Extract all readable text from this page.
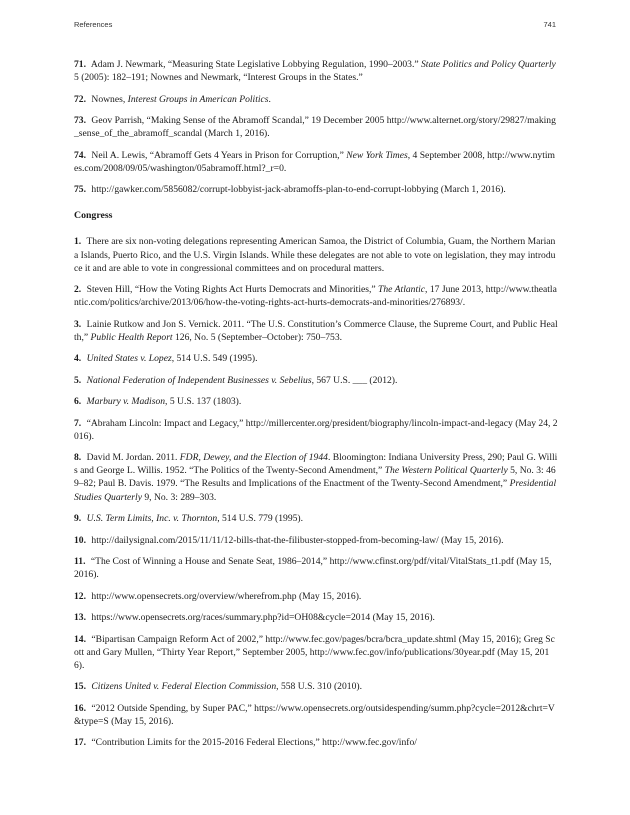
References	741

71. Adam J. Newmark, “Measuring State Legislative Lobbying Regulation, 1990–2003.” State Politics and Policy Quarterly 5 (2005): 182–191; Nownes and Newmark, “Interest Groups in the States.”

72. Nownes, Interest Groups in American Politics.

73. Geov Parrish, “Making Sense of the Abramoff Scandal,” 19 December 2005 http://www.alternet.org/story/29827/making_sense_of_the_abramoff_scandal (March 1, 2016).

74. Neil A. Lewis, “Abramoff Gets 4 Years in Prison for Corruption,” New York Times, 4 September 2008, http://www.nytimes.com/2008/09/05/washington/05abramoff.html?_r=0.

75. http://gawker.com/5856082/corrupt-lobbyist-jack-abramoffs-plan-to-end-corrupt-lobbying (March 1, 2016).

Congress

1. There are six non-voting delegations representing American Samoa, the District of Columbia, Guam, the Northern Mariana Islands, Puerto Rico, and the U.S. Virgin Islands. While these delegates are not able to vote on legislation, they may introduce it and are able to vote in congressional committees and on procedural matters.

2. Steven Hill, “How the Voting Rights Act Hurts Democrats and Minorities,” The Atlantic, 17 June 2013, http://www.theatlantic.com/politics/archive/2013/06/how-the-voting-rights-act-hurts-democrats-and-minorities/276893/.

3. Lainie Rutkow and Jon S. Vernick. 2011. “The U.S. Constitution’s Commerce Clause, the Supreme Court, and Public Health,” Public Health Report 126, No. 5 (September–October): 750–753.

4. United States v. Lopez, 514 U.S. 549 (1995).

5. National Federation of Independent Businesses v. Sebelius, 567 U.S. ___ (2012).

6. Marbury v. Madison, 5 U.S. 137 (1803).

7. “Abraham Lincoln: Impact and Legacy,” http://millercenter.org/president/biography/lincoln-impact-and-legacy (May 24, 2016).

8. David M. Jordan. 2011. FDR, Dewey, and the Election of 1944. Bloomington: Indiana University Press, 290; Paul G. Willis and George L. Willis. 1952. “The Politics of the Twenty-Second Amendment,” The Western Political Quarterly 5, No. 3: 469–82; Paul B. Davis. 1979. “The Results and Implications of the Enactment of the Twenty-Second Amendment,” Presidential Studies Quarterly 9, No. 3: 289–303.

9. U.S. Term Limits, Inc. v. Thornton, 514 U.S. 779 (1995).

10. http://dailysignal.com/2015/11/11/12-bills-that-the-filibuster-stopped-from-becoming-law/ (May 15, 2016).

11. “The Cost of Winning a House and Senate Seat, 1986–2014,” http://www.cfinst.org/pdf/vital/VitalStats_t1.pdf (May 15, 2016).

12. http://www.opensecrets.org/overview/wherefrom.php (May 15, 2016).

13. https://www.opensecrets.org/races/summary.php?id=OH08&cycle=2014 (May 15, 2016).

14. “Bipartisan Campaign Reform Act of 2002,” http://www.fec.gov/pages/bcra/bcra_update.shtml (May 15, 2016); Greg Scott and Gary Mullen, “Thirty Year Report,” September 2005, http://www.fec.gov/info/publications/30year.pdf (May 15, 2016).

15. Citizens United v. Federal Election Commission, 558 U.S. 310 (2010).

16. “2012 Outside Spending, by Super PAC,” https://www.opensecrets.org/outsidespending/summ.php?cycle=2012&chrt=V&type=S (May 15, 2016).

17. “Contribution Limits for the 2015-2016 Federal Elections,” http://www.fec.gov/info/
